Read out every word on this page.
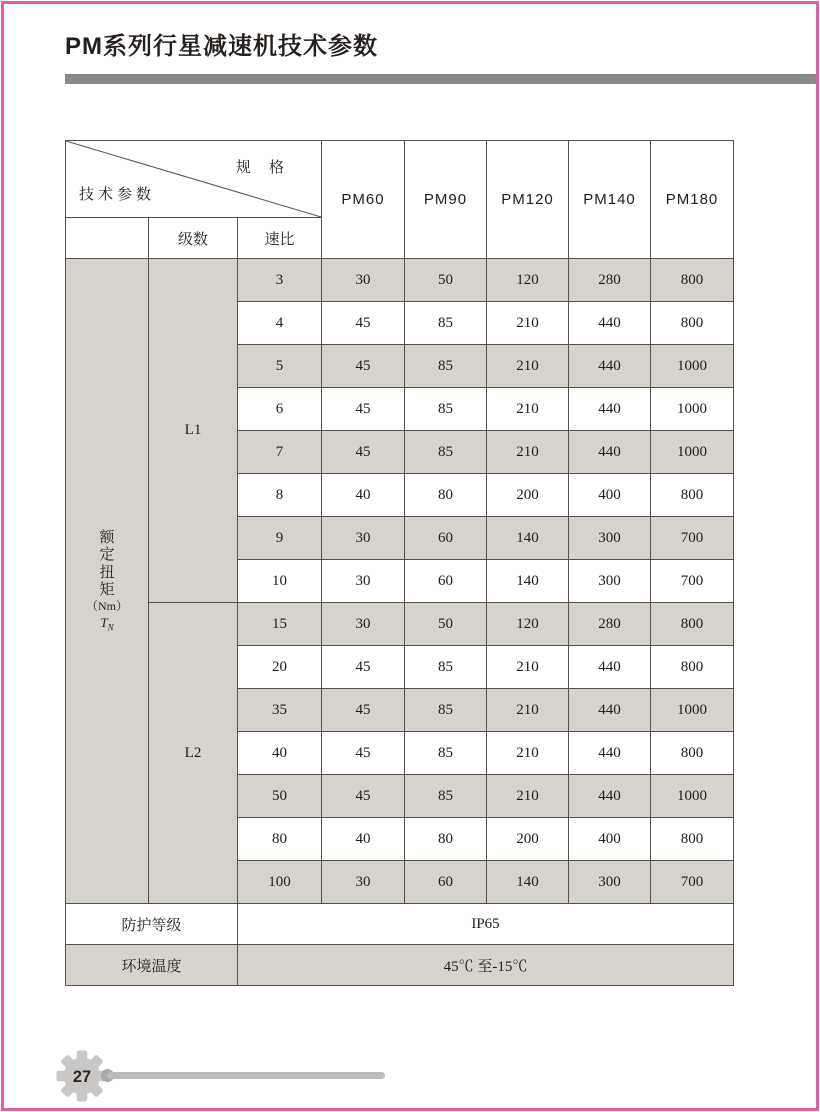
PM系列行星减速机技术参数
规 格
技术参数			PM60	PM90	PM120	PM140	PM180
	级数	速比					

额
定
扭
矩
（Nm）
$T_N$
	L1	3	30	50	120	280	800
		4	45	85	210	440	800
		5	45	85	210	440	1000
		6	45	85	210	440	1000
		7	45	85	210	440	1000
		8	40	80	200	400	800
		9	30	60	140	300	700
		10	30	60	140	300	700
	L2	15	30	50	120	280	800
		20	45	85	210	440	800
		35	45	85	210	440	1000
		40	45	85	210	440	800
		50	45	85	210	440	1000
		80	40	80	200	400	800
		100	30	60	140	300	700
防护等级		IP65					
环境温度		45℃ 至-15℃					
27
